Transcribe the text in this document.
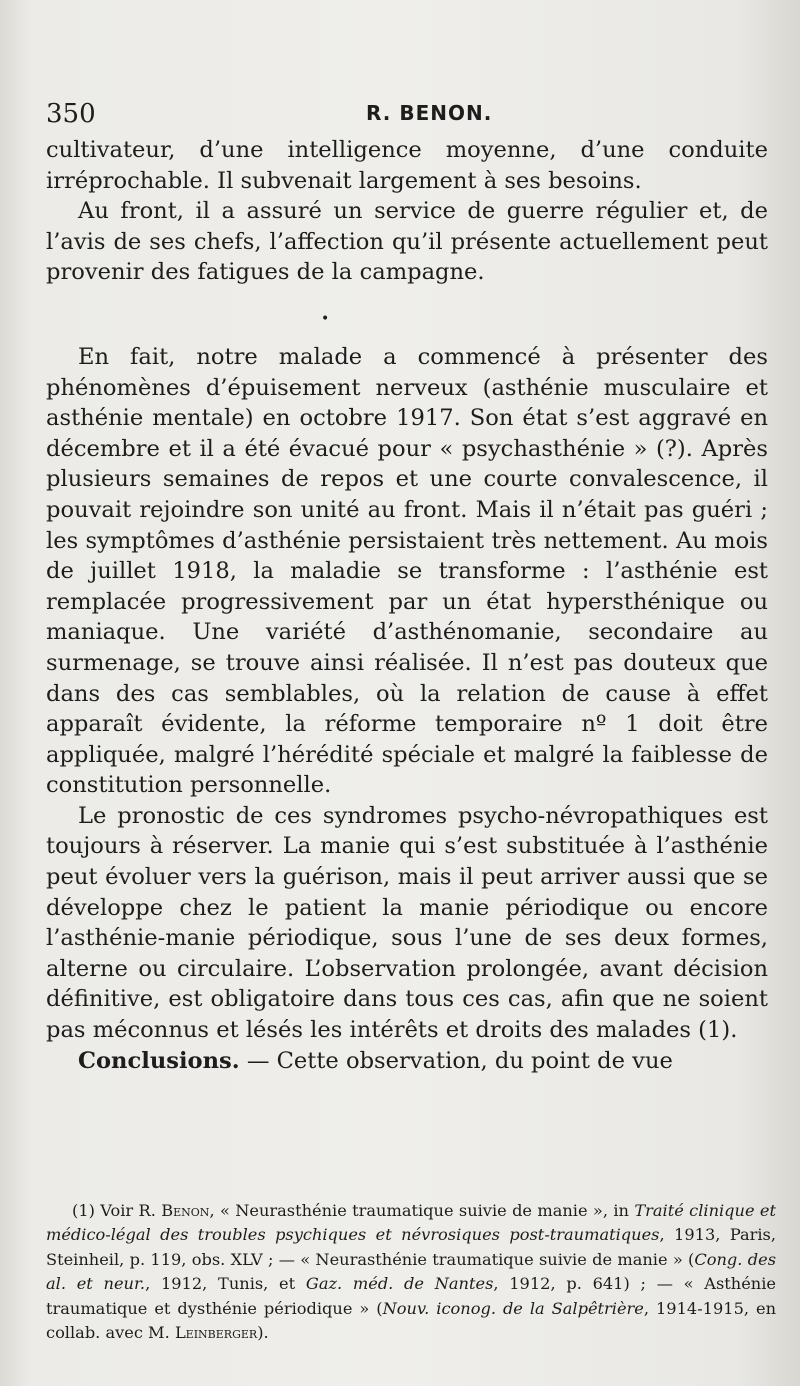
350	R. BENON.

cultivateur, d’une intelligence moyenne, d’une conduite irréprochable. Il subvenait largement à ses besoins.

Au front, il a assuré un service de guerre régulier et, de l’avis de ses chefs, l’affection qu’il présente actuellement peut provenir des fatigues de la campagne.

•

En fait, notre malade a commencé à présenter des phénomènes d’épuisement nerveux (asthénie musculaire et asthénie mentale) en octobre 1917. Son état s’est aggravé en décembre et il a été évacué pour « psychasthénie » (?). Après plusieurs semaines de repos et une courte convalescence, il pouvait rejoindre son unité au front. Mais il n’était pas guéri ; les symptômes d’asthénie persistaient très nettement. Au mois de juillet 1918, la maladie se transforme : l’asthénie est remplacée progressivement par un état hypersthénique ou maniaque. Une variété d’asthénomanie, secondaire au surmenage, se trouve ainsi réalisée. Il n’est pas douteux que dans des cas semblables, où la relation de cause à effet apparaît évidente, la réforme temporaire nº 1 doit être appliquée, malgré l’hérédité spéciale et malgré la faiblesse de constitution personnelle.

Le pronostic de ces syndromes psycho-névropathiques est toujours à réserver. La manie qui s’est substituée à l’asthénie peut évoluer vers la guérison, mais il peut arriver aussi que se développe chez le patient la manie périodique ou encore l’asthénie-manie périodique, sous l’une de ses deux formes, alterne ou circulaire. L’observation prolongée, avant décision définitive, est obligatoire dans tous ces cas, afin que ne soient pas méconnus et lésés les intérêts et droits des malades (1).

Conclusions. — Cette observation, du point de vue

(1) Voir R. Benon, « Neurasthénie traumatique suivie de manie », in Traité clinique et médico-légal des troubles psychiques et névrosiques post-traumatiques, 1913, Paris, Steinheil, p. 119, obs. XLV ; — « Neurasthénie traumatique suivie de manie » (Cong. des al. et neur., 1912, Tunis, et Gaz. méd. de Nantes, 1912, p. 641) ; — « Asthénie traumatique et dysthénie périodique » (Nouv. iconog. de la Salpêtrière, 1914-1915, en collab. avec M. Leinberger).
